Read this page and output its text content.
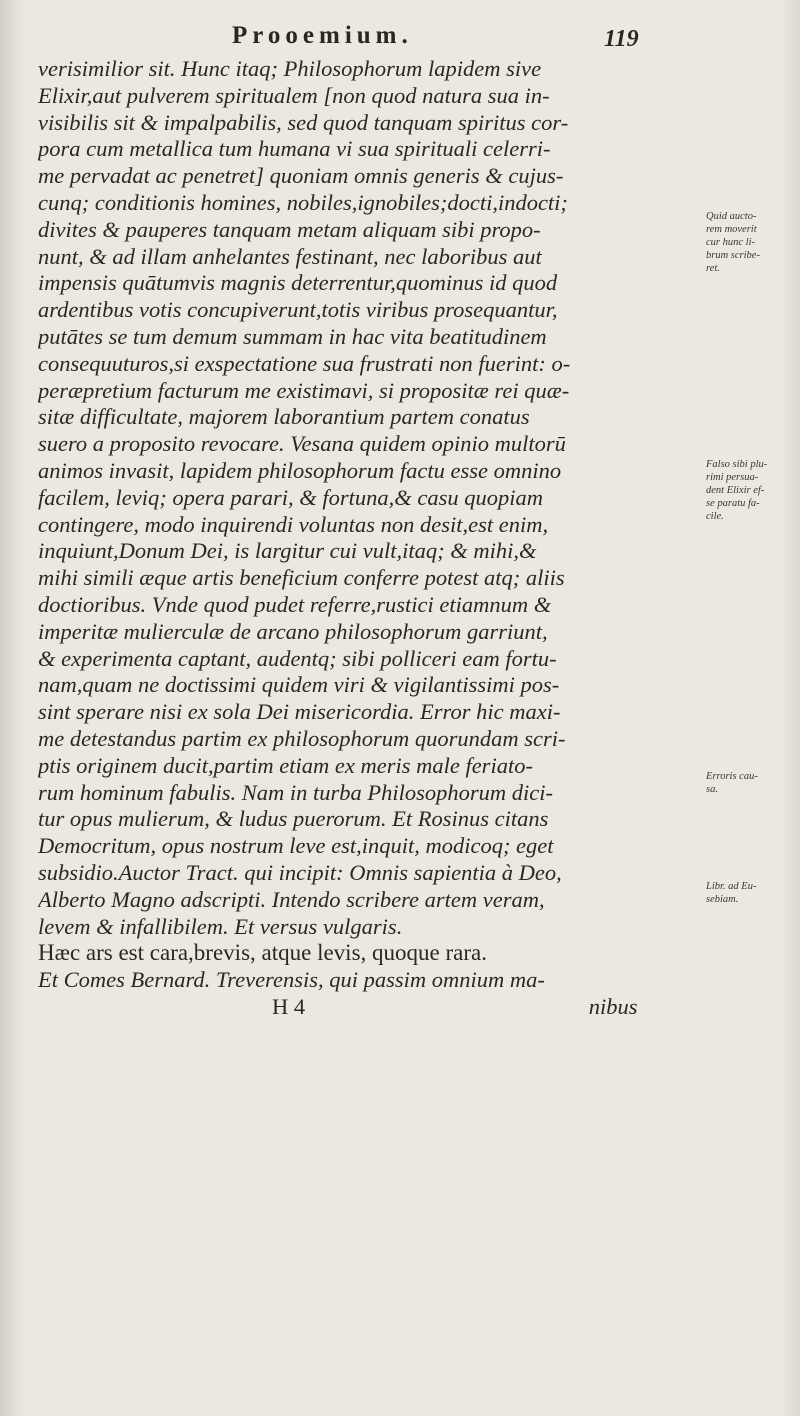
Prooemium.	119
verisimilior sit. Hunc itaq; Philosophorum lapidem sive
Elixir,aut pulverem spiritualem [non quod natura sua in-
visibilis sit & impalpabilis, sed quod tanquam spiritus cor-
pora cum metallica tum humana vi sua spirituali celerri-
me pervadat ac penetret] quoniam omnis generis & cujus-
cunq; conditionis homines, nobiles,ignobiles;docti,indocti;
divites & pauperes tanquam metam aliquam sibi propo-
nunt, & ad illam anhelantes festinant, nec laboribus aut
impensis quātumvis magnis deterrentur,quominus id quod
ardentibus votis concupiverunt,totis viribus prosequantur,
putātes se tum demum summam in hac vita beatitudinem
consequuturos,si exspectatione sua frustrati non fuerint: o-
peræpretium facturum me existimavi, si propositæ rei quæ-
sitæ difficultate, majorem laborantium partem conatus
suero a proposito revocare. Vesana quidem opinio multorū
animos invasit, lapidem philosophorum factu esse omnino
facilem, leviq; opera parari, & fortuna,& casu quopiam
contingere, modo inquirendi voluntas non desit,est enim,
inquiunt,Donum Dei, is largitur cui vult,itaq; & mihi,&
mihi simili æque artis beneficium conferre potest atq; aliis
doctioribus. Vnde quod pudet referre,rustici etiamnum &
imperitæ mulierculæ de arcano philosophorum garriunt,
& experimenta captant, audentq; sibi polliceri eam fortu-
nam,quam ne doctissimi quidem viri & vigilantissimi pos-
sint sperare nisi ex sola Dei misericordia. Error hic maxi-
me detestandus partim ex philosophorum quorundam scri-
ptis originem ducit,partim etiam ex meris male feriato-
rum hominum fabulis. Nam in turba Philosophorum dici-
tur opus mulierum, & ludus puerorum. Et Rosinus citans
Democritum, opus nostrum leve est,inquit, modicoq; eget
subsidio.Auctor Tract. qui incipit: Omnis sapientia à Deo,
Alberto Magno adscripti. Intendo scribere artem veram,
levem & infallibilem. Et versus vulgaris.
Hæc ars est cara,brevis, atque levis, quoque rara.
Et Comes Bernard. Treverensis, qui passim omnium ma-
H 4	nibus
Quid aucto-
rem moverit
cur hunc li-
brum scribe-
ret.
Falso sibi plu-
rimi persua-
dent Elixir ef-
se paratu fa-
cile.
Erroris cau-
sa.
Libr. ad Eu-
sebiam.
